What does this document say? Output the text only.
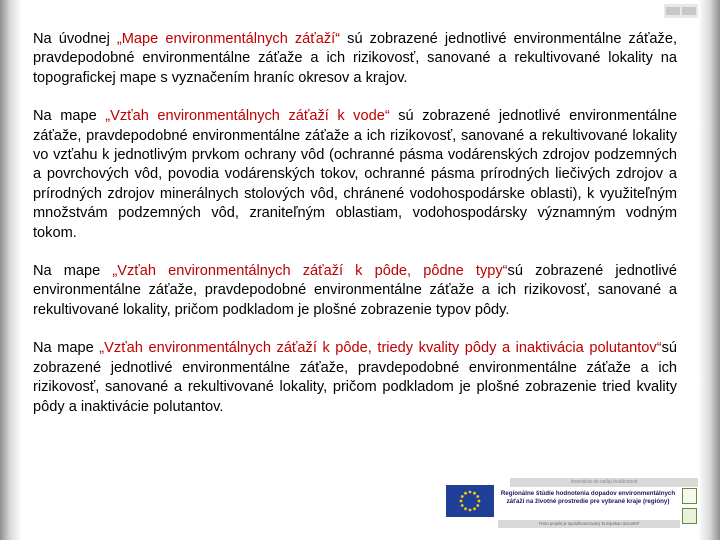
Na úvodnej „Mape environmentálnych záťaží“ sú zobrazené jednotlivé environmentálne záťaže, pravdepodobné environmentálne záťaže a ich rizikovosť, sanované a rekultivované lokality na topografickej mape s vyznačením hraníc okresov a krajov.

Na mape „Vzťah environmentálnych záťaží k vode“ sú zobrazené jednotlivé environmentálne záťaže, pravdepodobné environmentálne záťaže a ich rizikovosť, sanované a rekultivované lokality vo vzťahu k jednotlivým prvkom ochrany vôd (ochranné pásma vodárenských zdrojov podzemných a povrchových vôd, povodia vodárenských tokov, ochranné pásma prírodných liečivých zdrojov a prírodných zdrojov minerálnych stolových vôd, chránené vodohospodárske oblasti), k využiteľným množstvám podzemných vôd, zraniteľným oblastiam, vodohospodársky významným vodným tokom.

Na mape „Vzťah environmentálnych záťaží k pôde, pôdne typy“sú zobrazené jednotlivé environmentálne záťaže, pravdepodobné environmentálne záťaže a ich rizikovosť, sanované a rekultivované lokality, pričom podkladom je plošné zobrazenie typov pôdy.

Na mape „Vzťah environmentálnych záťaží k pôde, triedy kvality pôdy a inaktivácia polutantov“sú zobrazené jednotlivé environmentálne záťaže, pravdepodobné environmentálne záťaže a ich rizikovosť, sanované a rekultivované lokality, pričom podkladom je plošné zobrazenie tried kvality pôdy a inaktivácie polutantov.

Investícia do vašej budúcnosti
Regionálne štúdie hodnotenia dopadov environmentálnych
záťaží na životné prostredie pre vybrané kraje (regióny)
Tento projekt je spolufinancovaný Európskou úniou/KF
